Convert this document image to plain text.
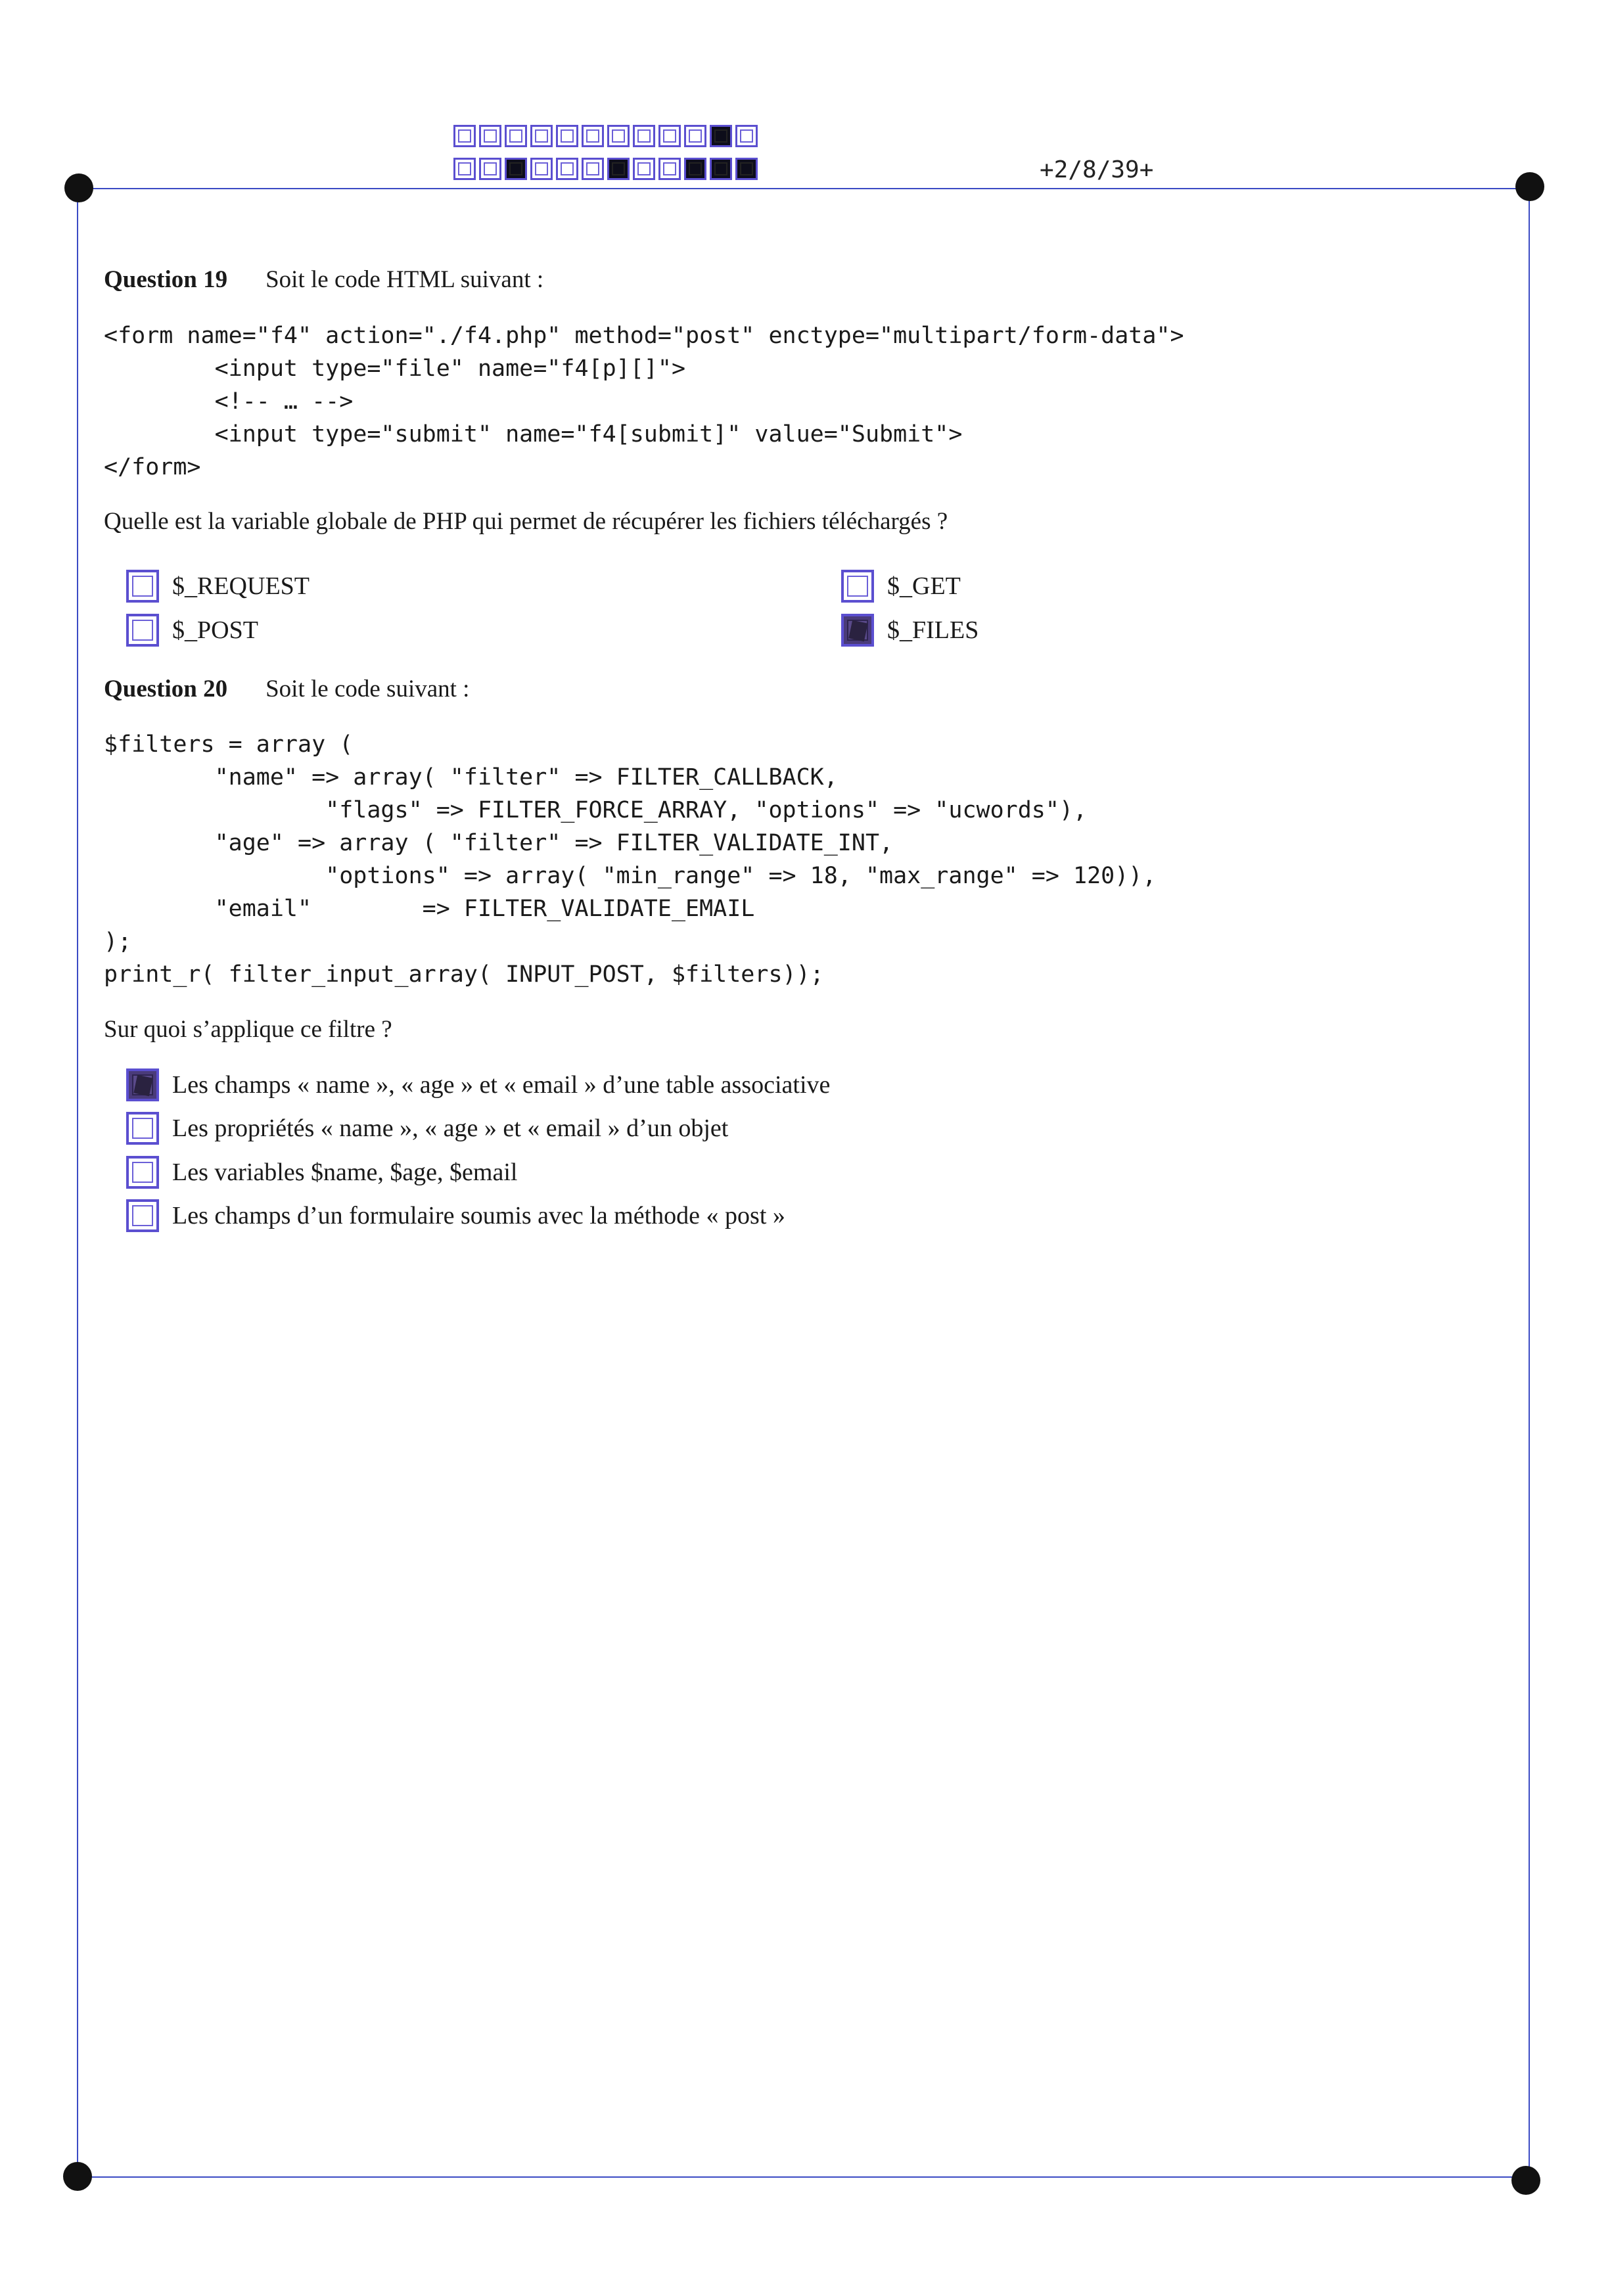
+2/8/39+
Question 19 Soit le code HTML suivant :
<form name="f4" action="./f4.php" method="post" enctype="multipart/form-data">
<input type="file" name="f4[p][]">
<!-- … -->
<input type="submit" name="f4[submit]" value="Submit">
</form>
Quelle est la variable globale de PHP qui permet de récupérer les fichiers téléchargés ?
$_REQUEST	$_GET
$_POST	$_FILES
Question 20 Soit le code suivant :
$filters = array (
"name" => array( "filter" => FILTER_CALLBACK,
"flags" => FILTER_FORCE_ARRAY, "options" => "ucwords"),
"age" => array ( "filter" => FILTER_VALIDATE_INT,
"options" => array( "min_range" => 18, "max_range" => 120)),
"email"        => FILTER_VALIDATE_EMAIL
);
print_r( filter_input_array( INPUT_POST, $filters));
Sur quoi s’applique ce filtre ?
Les champs « name », « age » et « email » d’une table associative
Les propriétés « name », « age » et « email » d’un objet
Les variables $name, $age, $email
Les champs d’un formulaire soumis avec la méthode « post »
